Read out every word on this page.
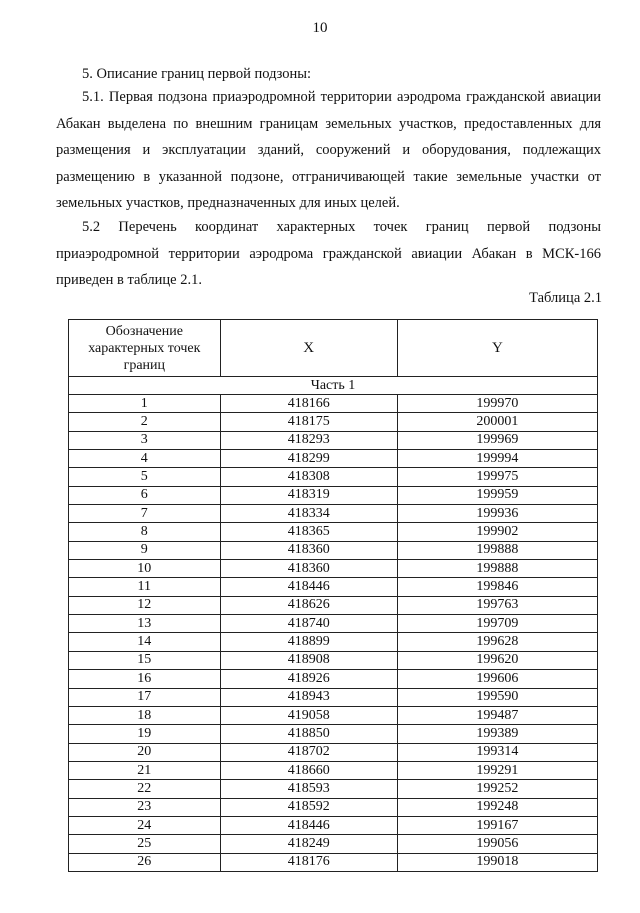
10
5. Описание границ первой подзоны:
5.1. Первая подзона приаэродромной территории аэродрома гражданской авиации Абакан выделена по внешним границам земельных участков, предоставленных для размещения и эксплуатации зданий, сооружений и оборудования, подлежащих размещению в указанной подзоне, отграничивающей такие земельные участки от земельных участков, предназначенных для иных целей.
5.2 Перечень координат характерных точек границ первой подзоны приаэродромной территории аэродрома гражданской авиации Абакан в МСК-166 приведен в таблице 2.1.
Таблица 2.1
Обозначение характерных точек границ	X	Y
Часть 1		
1	418166	199970
2	418175	200001
3	418293	199969
4	418299	199994
5	418308	199975
6	418319	199959
7	418334	199936
8	418365	199902
9	418360	199888
10	418360	199888
11	418446	199846
12	418626	199763
13	418740	199709
14	418899	199628
15	418908	199620
16	418926	199606
17	418943	199590
18	419058	199487
19	418850	199389
20	418702	199314
21	418660	199291
22	418593	199252
23	418592	199248
24	418446	199167
25	418249	199056
26	418176	199018
